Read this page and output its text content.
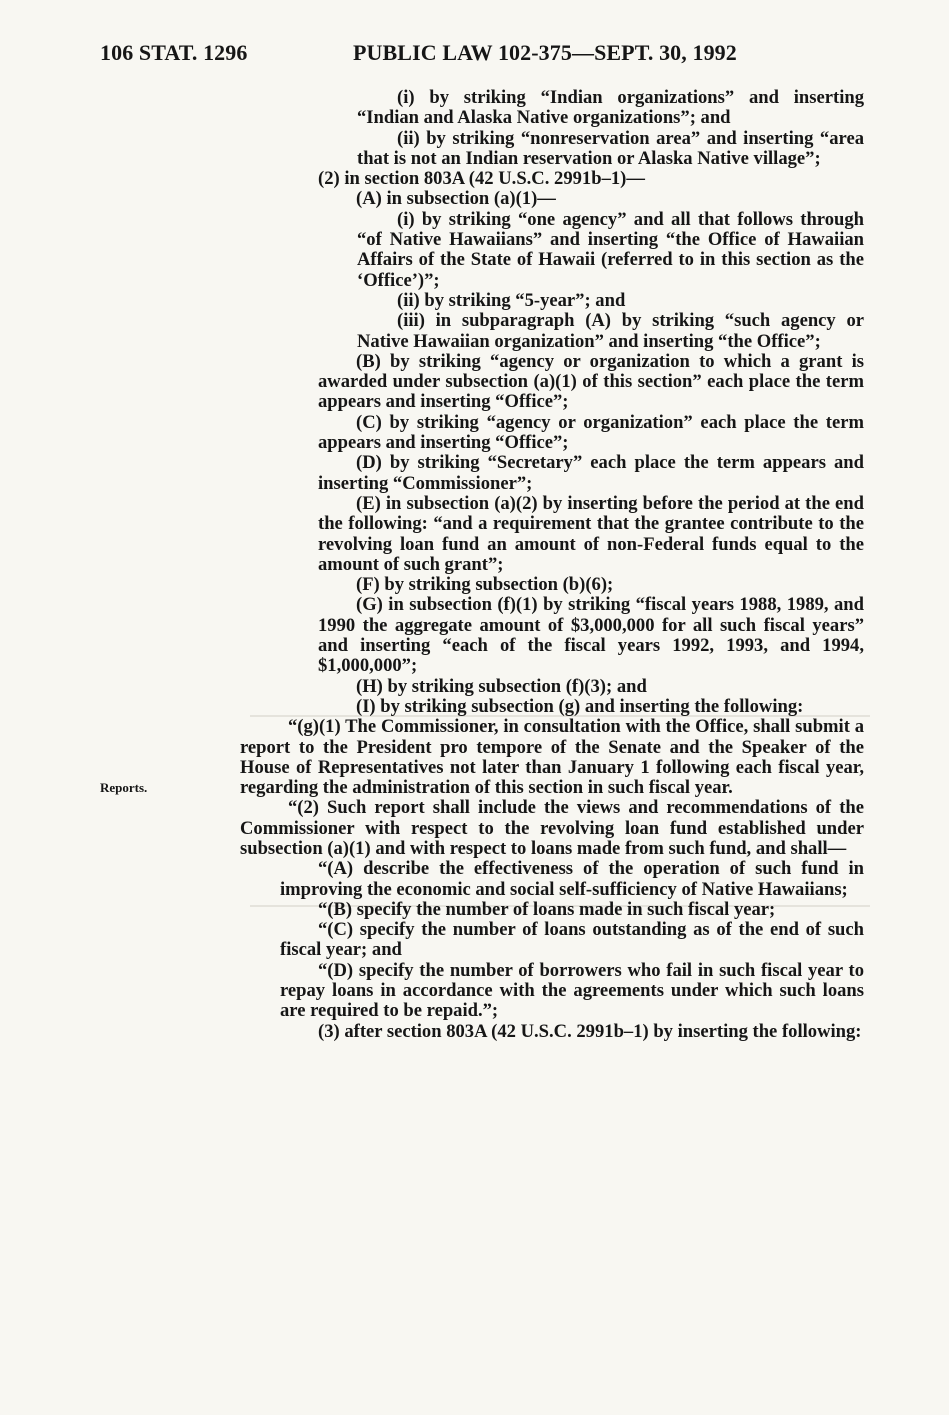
106 STAT. 1296	PUBLIC LAW 102-375—SEPT. 30, 1992
Reports.

(i) by striking “Indian organizations” and inserting “Indian and Alaska Native organizations”; and

(ii) by striking “nonreservation area” and inserting “area that is not an Indian reservation or Alaska Native village”;

(2) in section 803A (42 U.S.C. 2991b–1)—

(A) in subsection (a)(1)—

(i) by striking “one agency” and all that follows through “of Native Hawaiians” and inserting “the Office of Hawaiian Affairs of the State of Hawaii (referred to in this section as the ‘Office’)”;

(ii) by striking “5-year”; and

(iii) in subparagraph (A) by striking “such agency or Native Hawaiian organization” and inserting “the Office”;

(B) by striking “agency or organization to which a grant is awarded under subsection (a)(1) of this section” each place the term appears and inserting “Office”;

(C) by striking “agency or organization” each place the term appears and inserting “Office”;

(D) by striking “Secretary” each place the term appears and inserting “Commissioner”;

(E) in subsection (a)(2) by inserting before the period at the end the following: “and a requirement that the grantee contribute to the revolving loan fund an amount of non-Federal funds equal to the amount of such grant”;

(F) by striking subsection (b)(6);

(G) in subsection (f)(1) by striking “fiscal years 1988, 1989, and 1990 the aggregate amount of $3,000,000 for all such fiscal years” and inserting “each of the fiscal years 1992, 1993, and 1994, $1,000,000”;

(H) by striking subsection (f)(3); and

(I) by striking subsection (g) and inserting the following:

“(g)(1) The Commissioner, in consultation with the Office, shall submit a report to the President pro tempore of the Senate and the Speaker of the House of Representatives not later than January 1 following each fiscal year, regarding the administration of this section in such fiscal year.

“(2) Such report shall include the views and recommendations of the Commissioner with respect to the revolving loan fund established under subsection (a)(1) and with respect to loans made from such fund, and shall—

“(A) describe the effectiveness of the operation of such fund in improving the economic and social self-sufficiency of Native Hawaiians;

“(B) specify the number of loans made in such fiscal year;

“(C) specify the number of loans outstanding as of the end of such fiscal year; and

“(D) specify the number of borrowers who fail in such fiscal year to repay loans in accordance with the agreements under which such loans are required to be repaid.”;

(3) after section 803A (42 U.S.C. 2991b–1) by inserting the following:
